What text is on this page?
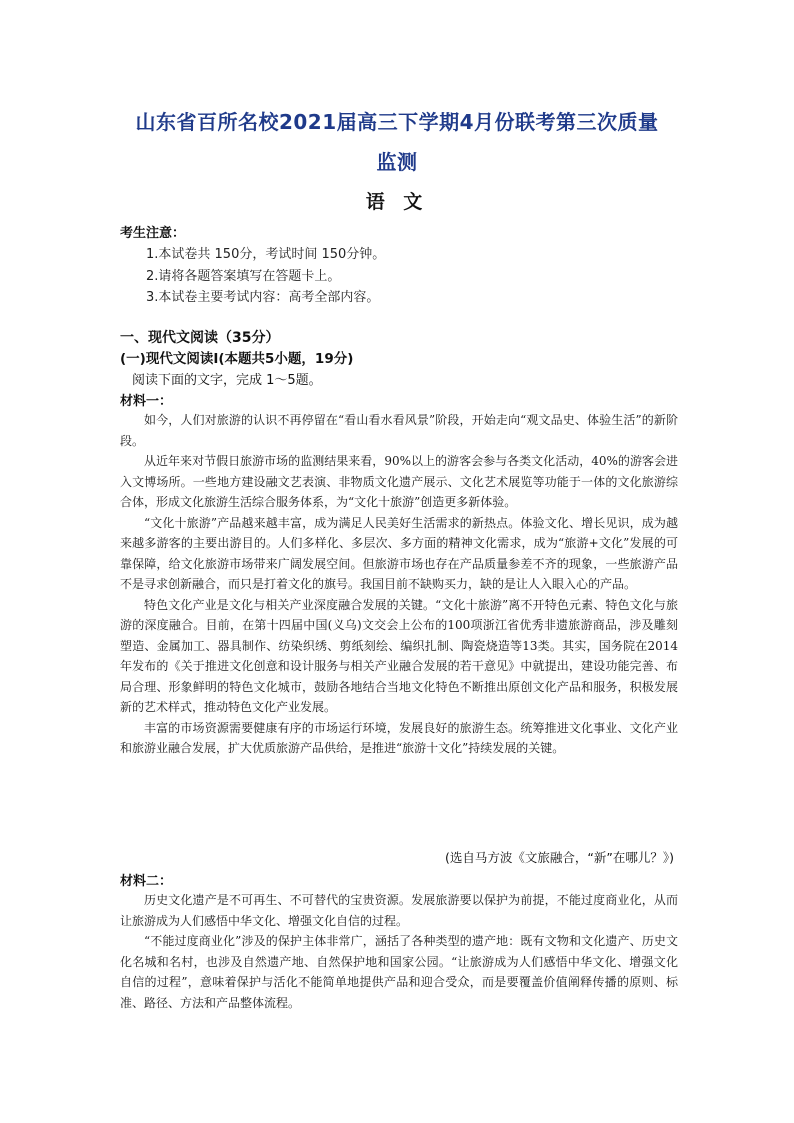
山东省百所名校2021届高三下学期4月份联考第三次质量
监测
语 文
考生注意：
1.本试卷共 150分，考试时间 150分钟。
2.请将各题答案填写在答题卡上。
3.本试卷主要考试内容：高考全部内容。
一、现代文阅读（35分）
(一)现代文阅读Ⅰ(本题共5小题，19分)
阅读下面的文字，完成 1～5题。
材料一：

如今，人们对旅游的认识不再停留在“看山看水看风景”阶段，开始走向“观文品史、体验生活”的新阶段。

从近年来对节假日旅游市场的监测结果来看，90%以上的游客会参与各类文化活动，40%的游客会进入文博场所。一些地方建设融文艺表演、非物质文化遗产展示、文化艺术展览等功能于一体的文化旅游综合体，形成文化旅游生活综合服务体系，为“文化十旅游”创造更多新体验。

“文化十旅游”产品越来越丰富，成为满足人民美好生活需求的新热点。体验文化、增长见识，成为越来越多游客的主要出游目的。人们多样化、多层次、多方面的精神文化需求，成为“旅游+文化”发展的可靠保障，给文化旅游市场带来广阔发展空间。但旅游市场也存在产品质量参差不齐的现象，一些旅游产品不是寻求创新融合，而只是打着文化的旗号。我国目前不缺购买力，缺的是让人入眼入心的产品。

特色文化产业是文化与相关产业深度融合发展的关键。“文化十旅游”离不开特色元素、特色文化与旅游的深度融合。目前，在第十四届中国(义乌)文交会上公布的100项浙江省优秀非遗旅游商品，涉及雕刻塑造、金属加工、器具制作、纺染织绣、剪纸刻绘、编织扎制、陶瓷烧造等13类。其实，国务院在2014年发布的《关于推进文化创意和设计服务与相关产业融合发展的若干意见》中就提出，建设功能完善、布局合理、形象鲜明的特色文化城市，鼓励各地结合当地文化特色不断推出原创文化产品和服务，积极发展新的艺术样式，推动特色文化产业发展。

丰富的市场资源需要健康有序的市场运行环境，发展良好的旅游生态。统筹推进文化事业、文化产业和旅游业融合发展，扩大优质旅游产品供给，是推进“旅游十文化”持续发展的关键。

(选自马方波《文旅融合，“新”在哪儿？》)
材料二：

历史文化遗产是不可再生、不可替代的宝贵资源。发展旅游要以保护为前提，不能过度商业化，从而让旅游成为人们感悟中华文化、增强文化自信的过程。

“不能过度商业化”涉及的保护主体非常广，涵括了各种类型的遗产地：既有文物和文化遗产、历史文化名城和名村，也涉及自然遗产地、自然保护地和国家公园。“让旅游成为人们感悟中华文化、增强文化自信的过程”，意味着保护与活化不能简单地提供产品和迎合受众，而是要覆盖价值阐释传播的原则、标准、路径、方法和产品整体流程。
